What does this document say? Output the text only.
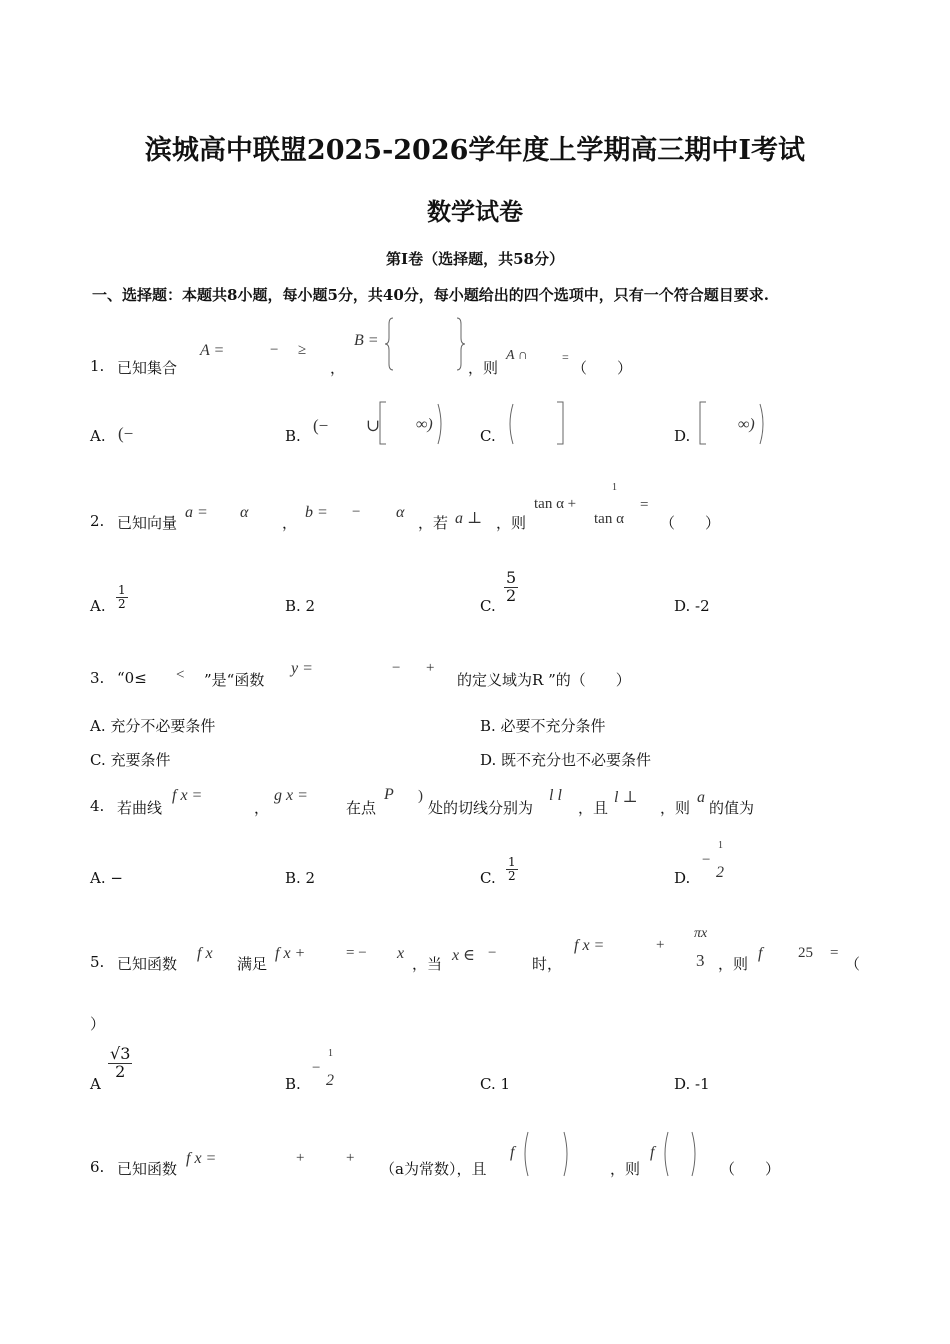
滨城高中联盟2025-2026学年度上学期高三期中Ⅰ考试
数学试卷
第Ⅰ卷（选择题，共58分）
一、选择题：本题共8小题，每小题5分，共40分，每小题给出的四个选项中，只有一个符合题目要求.
1. 已知集合
A =	− ≥
，
B =
，则
A ∩	=
（　　）
A. (−	B.
(− ∪ ∞)
C.	D.
∞)
2. 已知向量
a = α
，
b = − α
，若 a ⊥ ，则
tan α +
1
tan α
=
（　　）
A. $\frac{1}{2}$	B. 2	C.
$\frac{5}{2}$
D. -2
3. “0≤ < ”是“函数
y =	− +
的定义域为R ”的（　　）
A. 充分不必要条件	B. 必要不充分条件
C. 充要条件	D. 既不充分也不必要条件
4. 若曲线
f x =
，
g x =
在点
P )
处的切线分别为
l l
，且
l ⊥
，则
a
的值为
A. −	B. 2	C. $\frac{1}{2}$	D.
−
1
2
5. 已知函数
f x
满足
f x +	= − x
，当 x ∈ −
时，
f x =	+
πx
3 ，则
f 25 =
（
）
A
$\frac{√3}{2}$
B.
−
1
2	C. 1	D. -1
6. 已知函数
f x =	+	+
（a为常数），且
f
，则
f
（　　）
